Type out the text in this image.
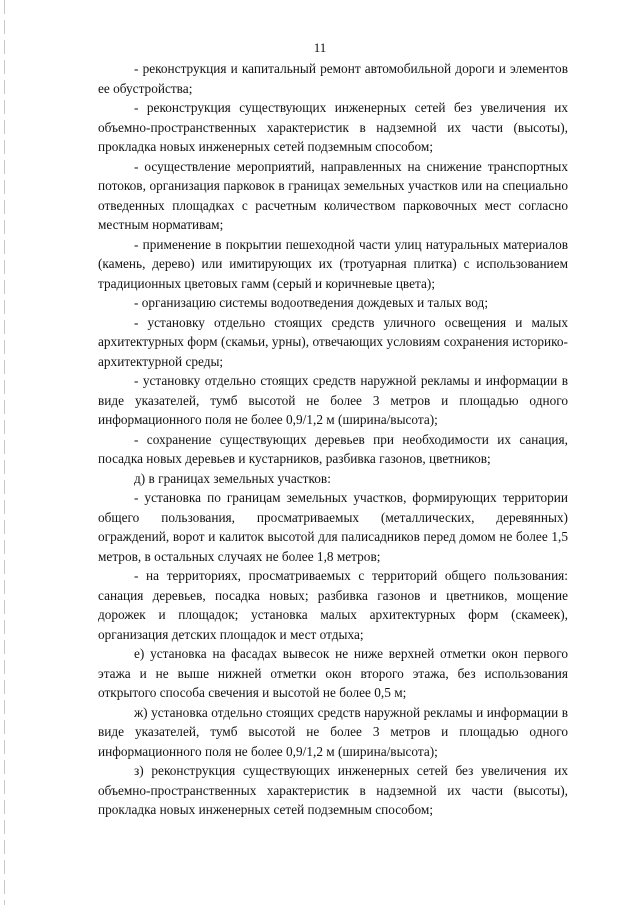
11

- реконструкция и капитальный ремонт автомобильной дороги и элементов ее обустройства;

- реконструкция существующих инженерных сетей без увеличения их объемно-пространственных характеристик в надземной их части (высоты), прокладка новых инженерных сетей подземным способом;

- осуществление мероприятий, направленных на снижение транспортных потоков, организация парковок в границах земельных участков или на специально отведенных площадках с расчетным количеством парковочных мест согласно местным нормативам;

- применение в покрытии пешеходной части улиц натуральных материалов (камень, дерево) или имитирующих их (тротуарная плитка) с использованием традиционных цветовых гамм (серый и коричневые цвета);

- организацию системы водоотведения дождевых и талых вод;

- установку отдельно стоящих средств уличного освещения и малых архитектурных форм (скамьи, урны), отвечающих условиям сохранения историко-архитектурной среды;

- установку отдельно стоящих средств наружной рекламы и информации в виде указателей, тумб высотой не более 3 метров и площадью одного информационного поля не более 0,9/1,2 м (ширина/высота);

- сохранение существующих деревьев при необходимости их санация, посадка новых деревьев и кустарников, разбивка газонов, цветников;

д) в границах земельных участков:

- установка по границам земельных участков, формирующих территории общего пользования, просматриваемых (металлических, деревянных) ограждений, ворот и калиток высотой для палисадников перед домом не более 1,5 метров, в остальных случаях не более 1,8 метров;

- на территориях, просматриваемых с территорий общего пользования: санация деревьев, посадка новых; разбивка газонов и цветников, мощение дорожек и площадок; установка малых архитектурных форм (скамеек), организация детских площадок и мест отдыха;

е) установка на фасадах вывесок не ниже верхней отметки окон первого этажа и не выше нижней отметки окон второго этажа, без использования открытого способа свечения и высотой не более 0,5 м;

ж) установка отдельно стоящих средств наружной рекламы и информации в виде указателей, тумб высотой не более 3 метров и площадью одного информационного поля не более 0,9/1,2 м (ширина/высота);

з) реконструкция существующих инженерных сетей без увеличения их объемно-пространственных характеристик в надземной их части (высоты), прокладка новых инженерных сетей подземным способом;
